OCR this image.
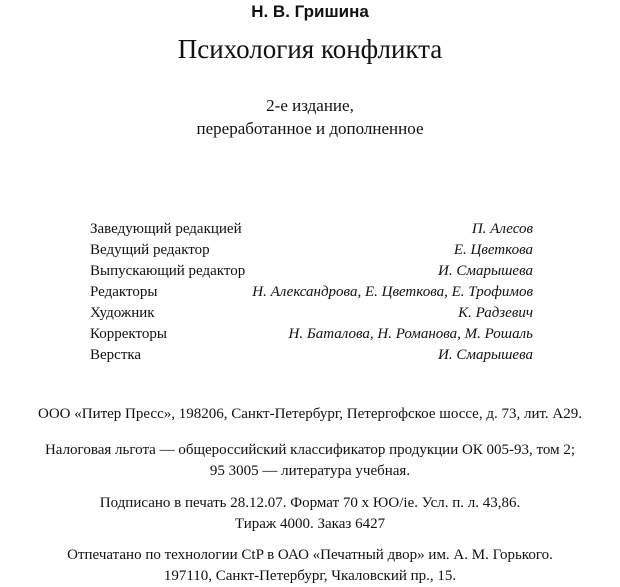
Н. В. Гришина
Психология конфликта
2-е издание,
переработанное и дополненное
Заведующий редакцией	П. Алесов
Ведущий редактор	Е. Цветкова
Выпускающий редактор	И. Смарышева
Редакторы	Н. Александрова, Е. Цветкова, Е. Трофимов
Художник	К. Радзевич
Корректоры	Н. Баталова, Н. Романова, М. Рошаль
Верстка	И. Смарышева

ООО «Питер Пресс», 198206, Санкт-Петербург, Петергофское шоссе, д. 73, лит. А29.

Налоговая льгота — общероссийский классификатор продукции ОК 005-93, том 2;

95 3005 — литература учебная.

Подписано в печать 28.12.07. Формат 70 х ЮО/іе. Усл. п. л. 43,86.

Тираж 4000. Заказ 6427

Отпечатано по технологии CtP в ОАО «Печатный двор» им. А. М. Горького.

197110, Санкт-Петербург, Чкаловский пр., 15.
